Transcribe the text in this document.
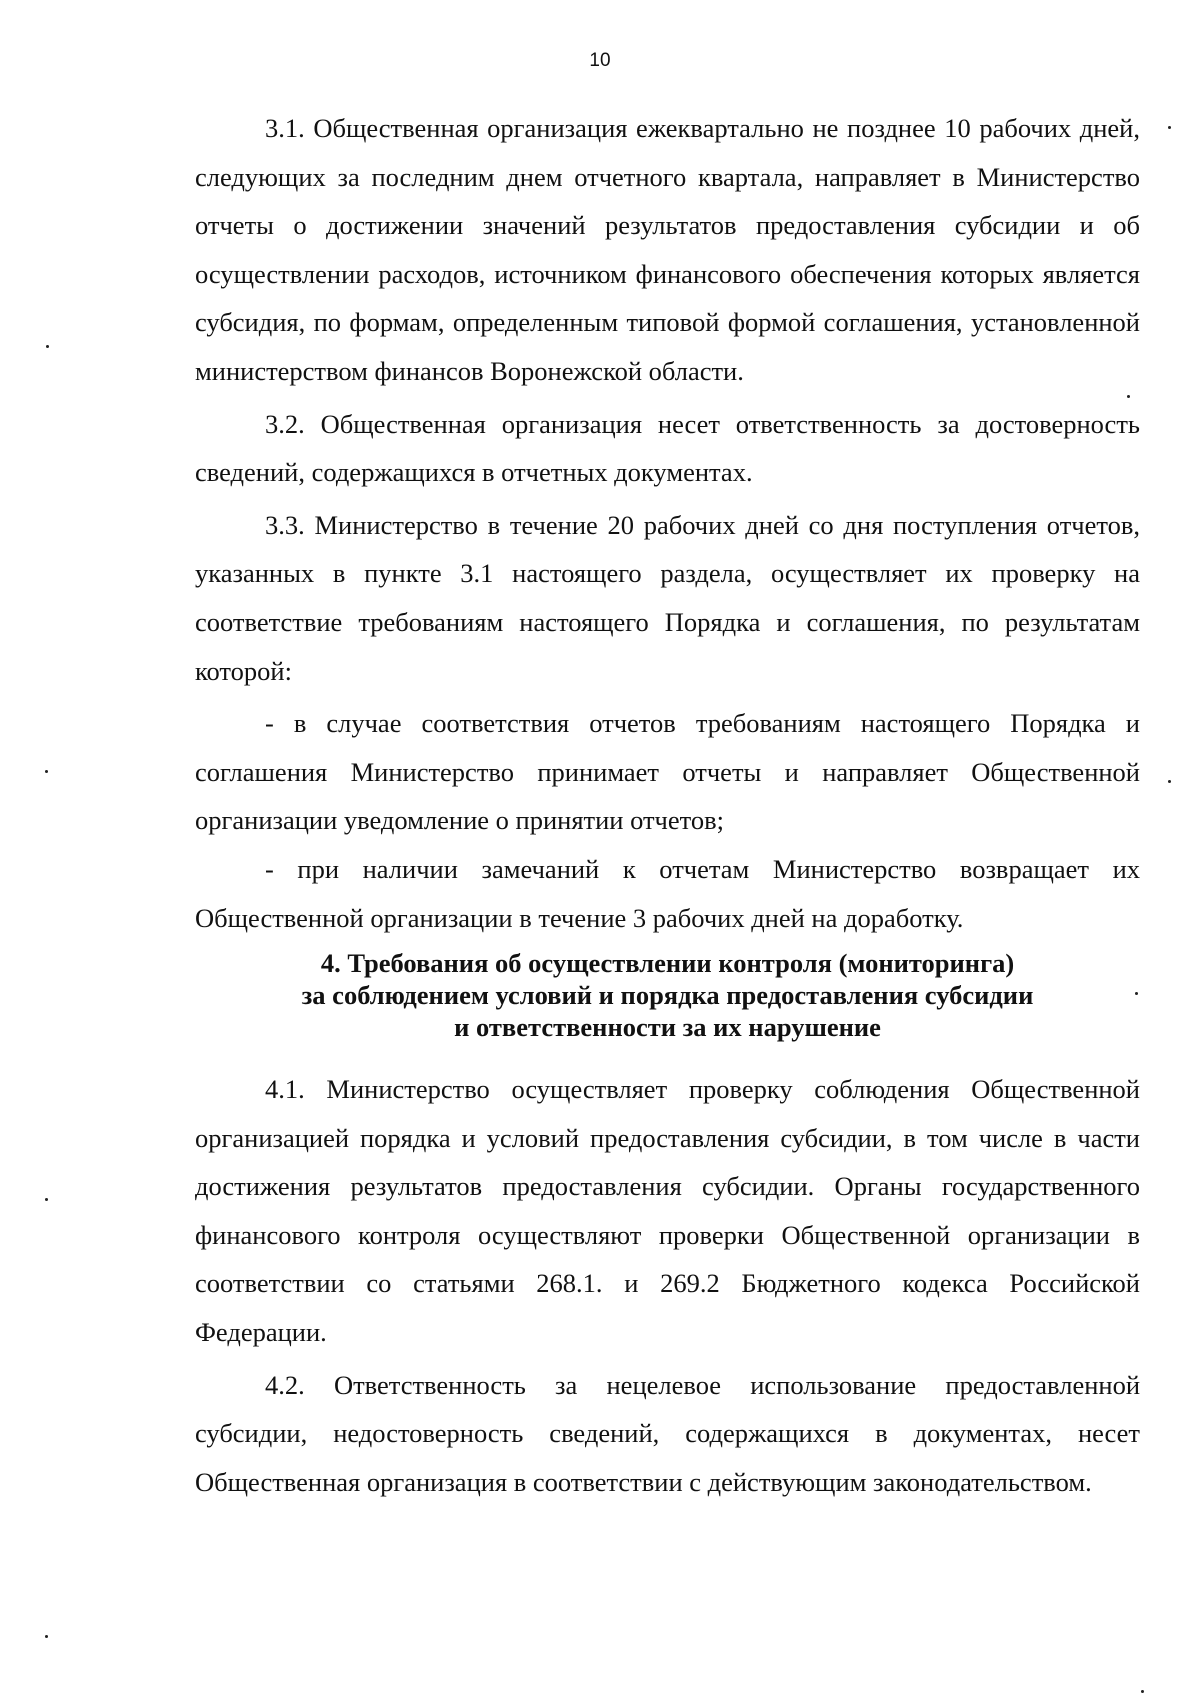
10

3.1. Общественная организация ежеквартально не позднее 10 рабочих дней, следующих за последним днем отчетного квартала, направляет в Министерство отчеты о достижении значений результатов предоставления субсидии и об осуществлении расходов, источником финансового обеспечения которых является субсидия, по формам, определенным типовой формой соглашения, установленной министерством финансов Воронежской области.

3.2. Общественная организация несет ответственность за достоверность сведений, содержащихся в отчетных документах.

3.3. Министерство в течение 20 рабочих дней со дня поступления отчетов, указанных в пункте 3.1 настоящего раздела, осуществляет их проверку на соответствие требованиям настоящего Порядка и соглашения, по результатам которой:

- в случае соответствия отчетов требованиям настоящего Порядка и соглашения Министерство принимает отчеты и направляет Общественной организации уведомление о принятии отчетов;

- при наличии замечаний к отчетам Министерство возвращает их Общественной организации в течение 3 рабочих дней на доработку.

4. Требования об осуществлении контроля (мониторинга)
за соблюдением условий и порядка предоставления субсидии
и ответственности за их нарушение

4.1. Министерство осуществляет проверку соблюдения Общественной организацией порядка и условий предоставления субсидии, в том числе в части достижения результатов предоставления субсидии. Органы государственного финансового контроля осуществляют проверки Общественной организации в соответствии со статьями 268.1. и 269.2 Бюджетного кодекса Российской Федерации.

4.2. Ответственность за нецелевое использование предоставленной субсидии, недостоверность сведений, содержащихся в документах, несет Общественная организация в соответствии с действующим законодательством.
